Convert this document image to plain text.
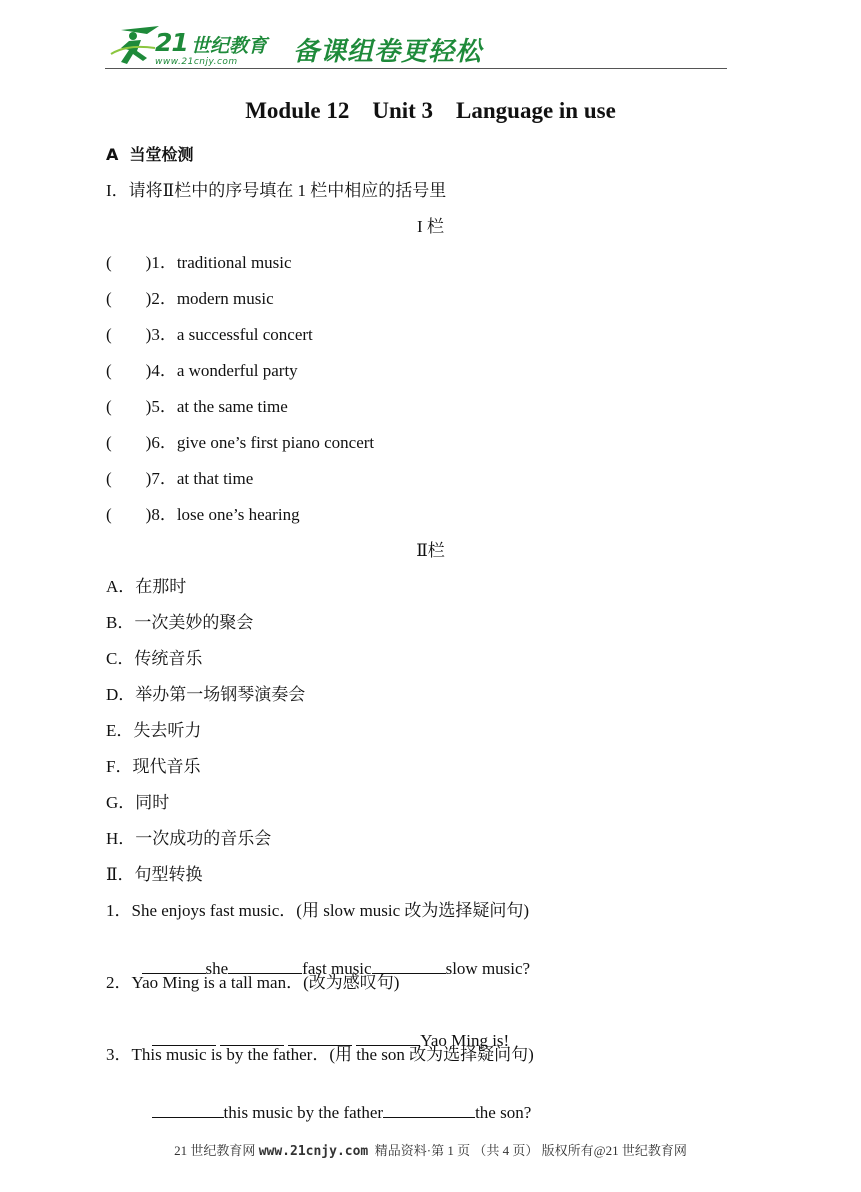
21 世纪教育
www.21cnjy.com 备课组卷更轻松
Module 12    Unit 3    Language in use
A  当堂检测
I．请将Ⅱ栏中的序号填在 1 栏中相应的括号里
I 栏
(        )1．traditional music
(        )2．modern music
(        )3．a successful concert
(        )4．a wonderful party
(        )5．at the same time
(        )6．give one’s first piano concert
(        )7．at that time
(        )8．lose one’s hearing
Ⅱ栏
A．在那时
B．一次美妙的聚会
C．传统音乐
D．举办第一场钢琴演奏会
E．失去听力
F．现代音乐
G．同时
H．一次成功的音乐会
Ⅱ．句型转换
1．She enjoys fast music．(用 slow music 改为选择疑问句)

she	fast music	slow music?

2．Yao Ming is a tall man．(改为感叹句)

Yao Ming is!

3．This music is by the father．(用 the son 改为选择疑问句)

this music by the father	the son?

21 世纪教育网 www.21cnjy.com  精品资料·第 1 页 （共 4 页） 版权所有@21 世纪教育网
